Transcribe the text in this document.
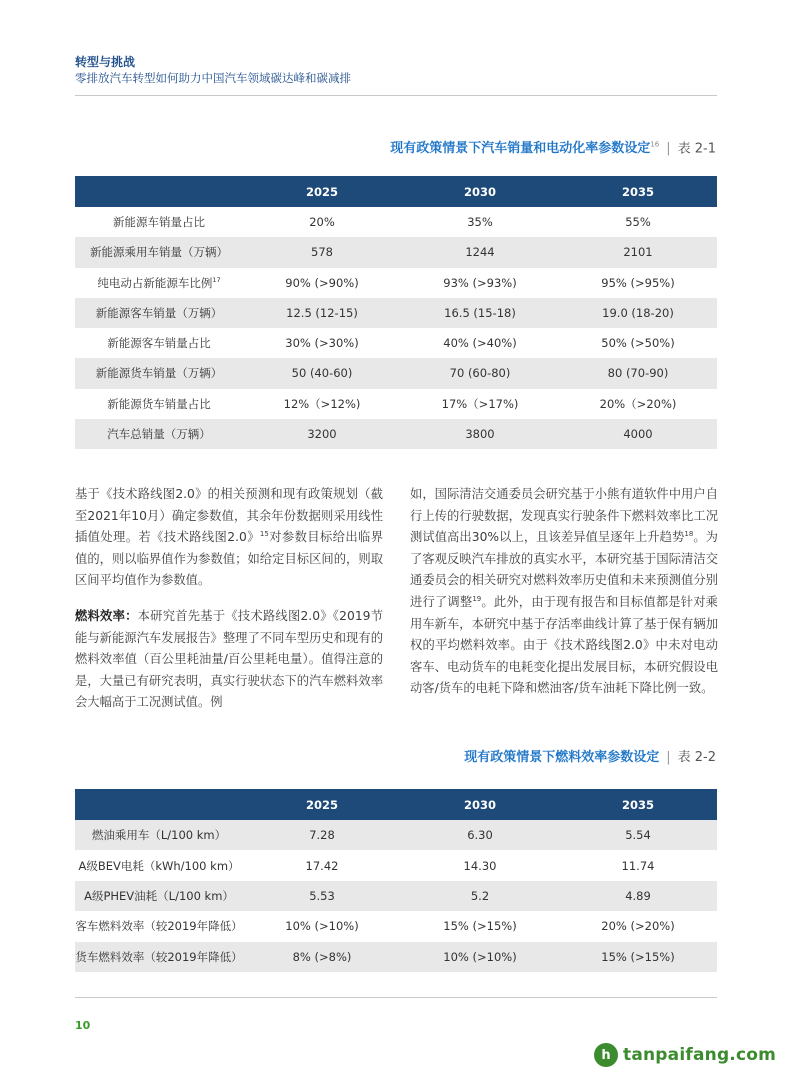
转型与挑战
零排放汽车转型如何助力中国汽车领域碳达峰和碳减排
现有政策情景下汽车销量和电动化率参数设定$^{16}$ | 表 2-1
	2025	2030	2035
新能源车销量占比	20%	35%	55%
新能源乘用车销量（万辆）	578	1244	2101
纯电动占新能源车比例$^{17}$	90% (>90%)	93% (>93%)	95% (>95%)
新能源客车销量（万辆）	12.5 (12-15)	16.5 (15-18)	19.0 (18-20)
新能源客车销量占比	30% (>30%)	40% (>40%)	50% (>50%)
新能源货车销量（万辆）	50 (40-60)	70 (60-80)	80 (70-90)
新能源货车销量占比	12%（>12%)	17%（>17%)	20%（>20%)
汽车总销量（万辆）	3200	3800	4000

基于《技术路线图2.0》的相关预测和现有政策规划（截至2021年10月）确定参数值，其余年份数据则采用线性插值处理。若《技术路线图2.0》$^{15}$对参数目标给出临界值的，则以临界值作为参数值；如给定目标区间的，则取区间平均值作为参数值。

燃料效率：本研究首先基于《技术路线图2.0》《2019节能与新能源汽车发展报告》整理了不同车型历史和现有的燃料效率值（百公里耗油量/百公里耗电量）。值得注意的是，大量已有研究表明，真实行驶状态下的汽车燃料效率会大幅高于工况测试值。例

如，国际清洁交通委员会研究基于小熊有道软件中用户自行上传的行驶数据，发现真实行驶条件下燃料效率比工况测试值高出30%以上，且该差异值呈逐年上升趋势$^{18}$。为了客观反映汽车排放的真实水平，本研究基于国际清洁交通委员会的相关研究对燃料效率历史值和未来预测值分别进行了调整$^{19}$。此外，由于现有报告和目标值都是针对乘用车新车，本研究中基于存活率曲线计算了基于保有辆加权的平均燃料效率。由于《技术路线图2.0》中未对电动客车、电动货车的电耗变化提出发展目标，本研究假设电动客/货车的电耗下降和燃油客/货车油耗下降比例一致。

现有政策情景下燃料效率参数设定 | 表 2-2
	2025	2030	2035
燃油乘用车（L/100 km）	7.28	6.30	5.54
A级BEV电耗（kWh/100 km）	17.42	14.30	11.74
A级PHEV油耗（L/100 km）	5.53	5.2	4.89
客车燃料效率（较2019年降低）	10% (>10%)	15% (>15%)	20% (>20%)
货车燃料效率（较2019年降低）	8% (>8%)	10% (>10%)	15% (>15%)
10
h tanpaifang.com
